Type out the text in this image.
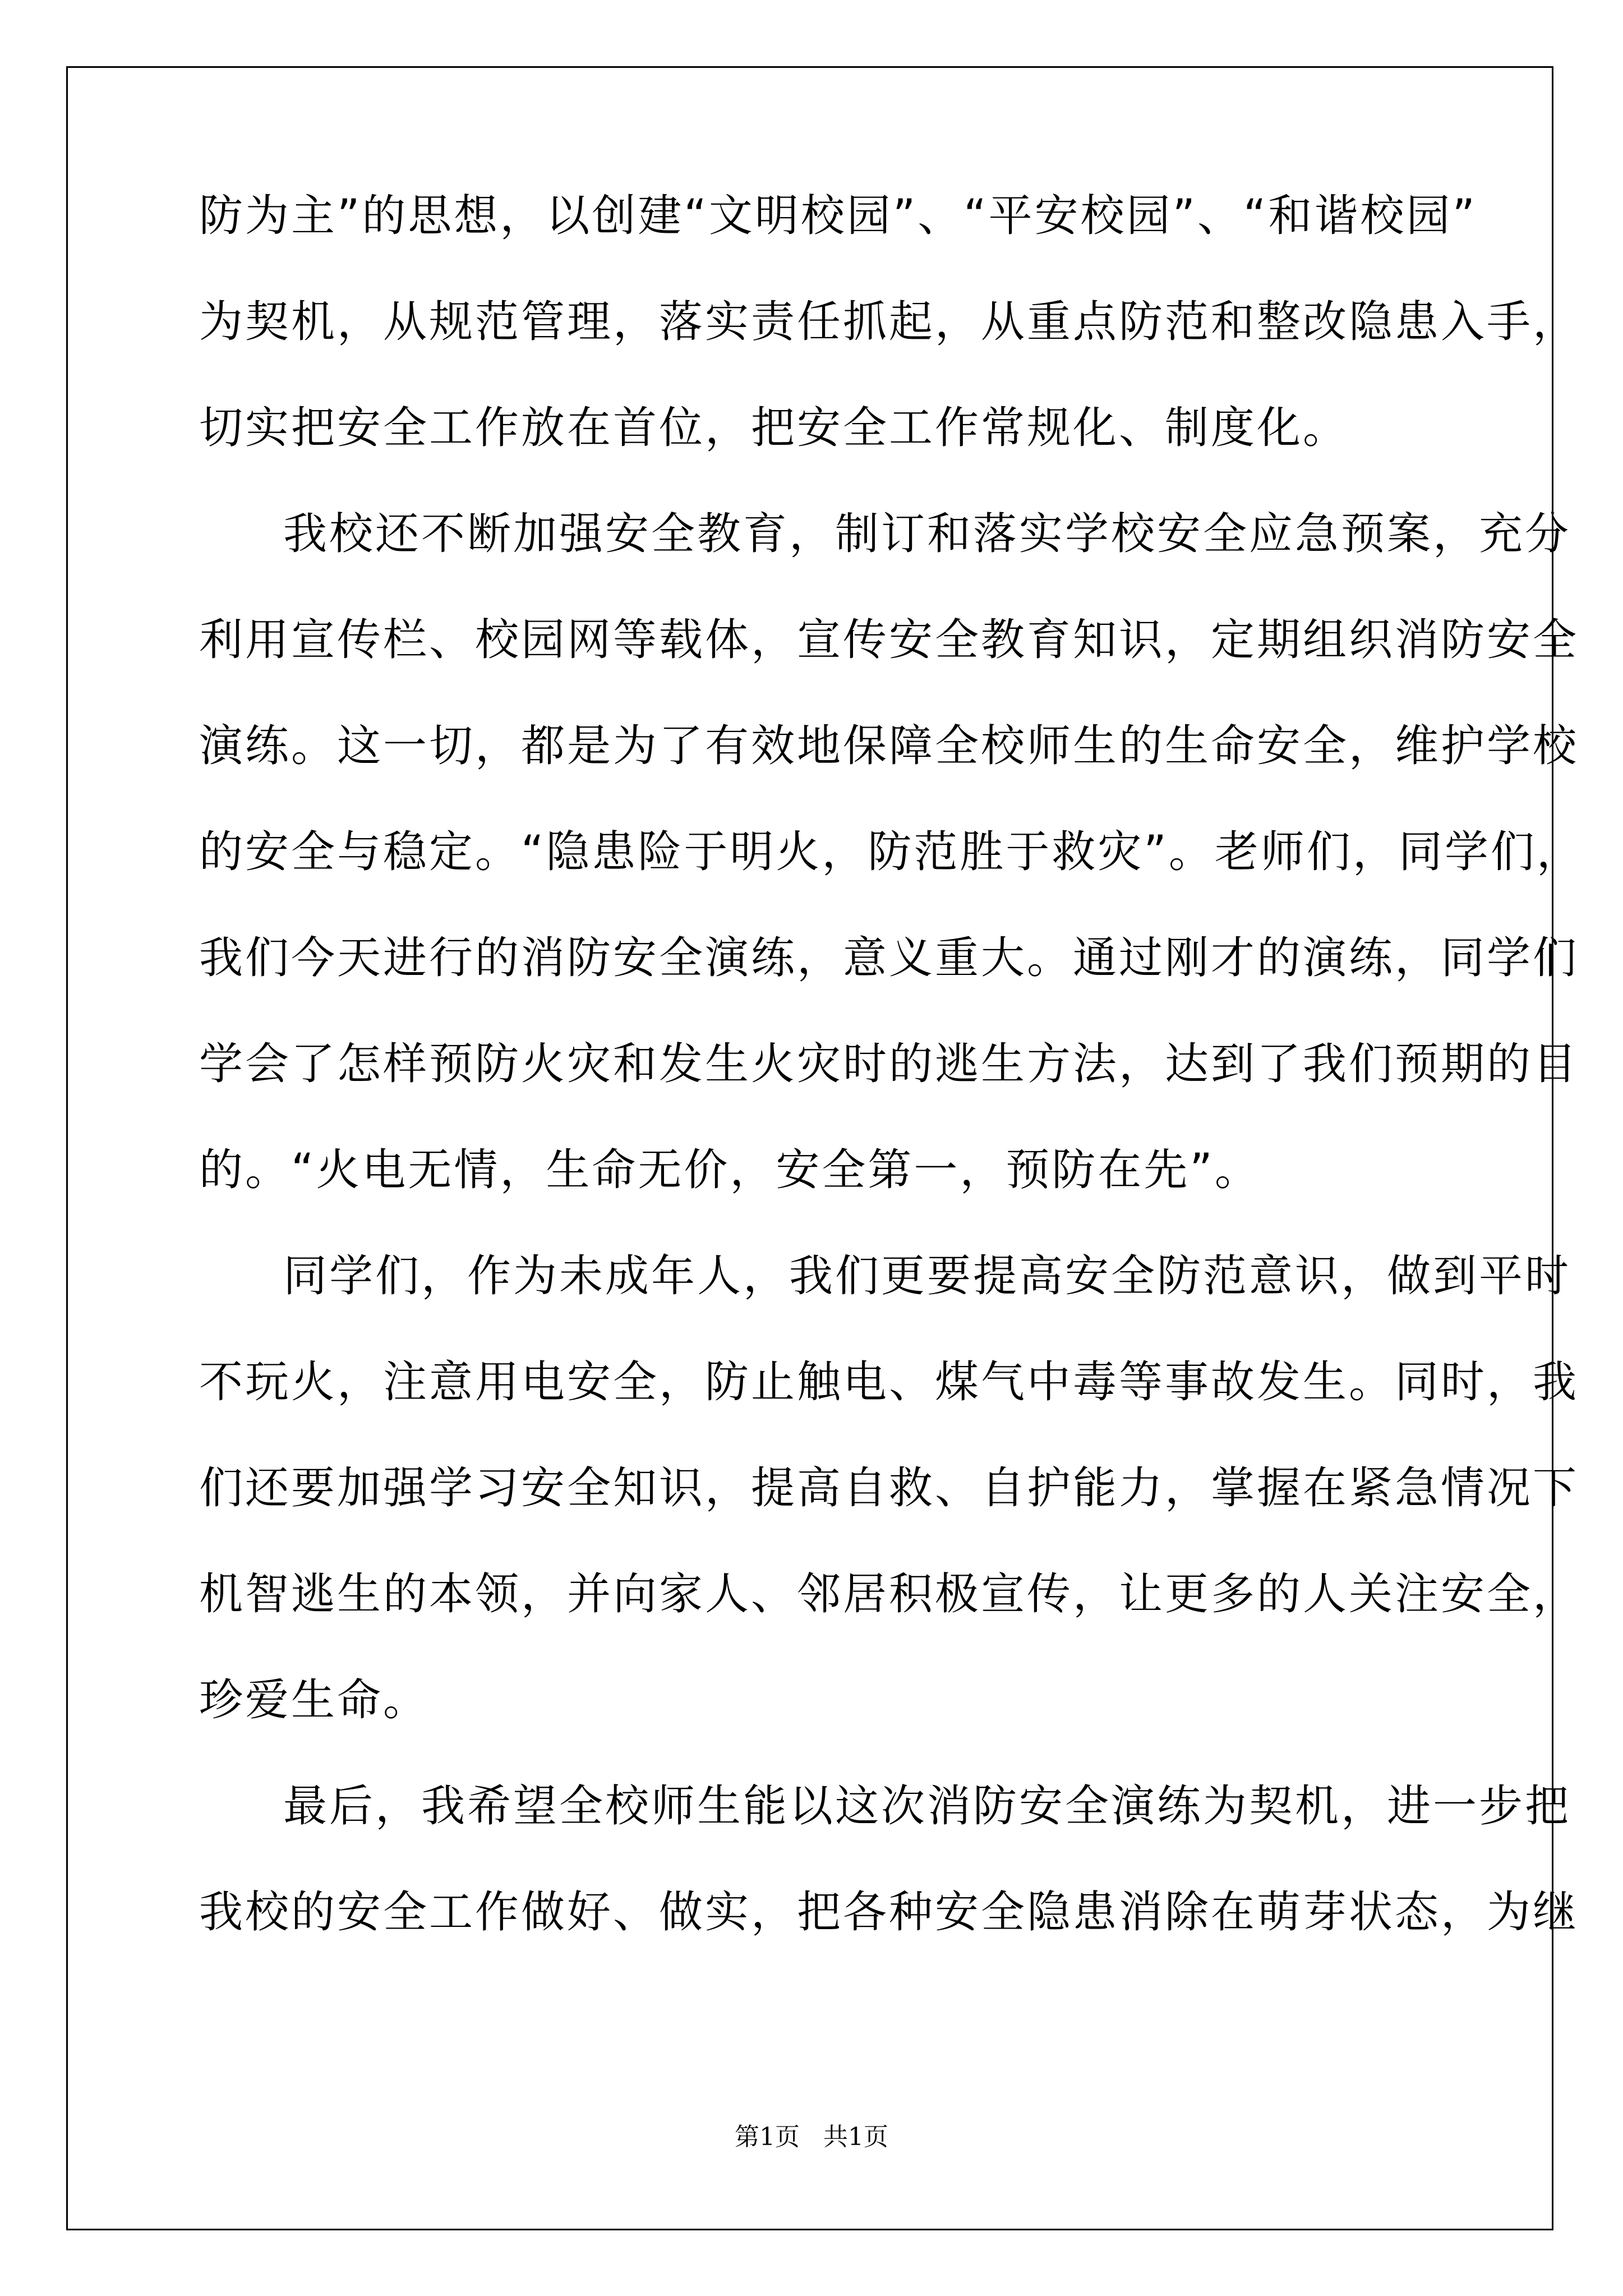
防为主”的思想，以创建“文明校园”、“平安校园”、“和谐校园”
为契机，从规范管理，落实责任抓起，从重点防范和整改隐患入手，
切实把安全工作放在首位，把安全工作常规化、制度化。
我校还不断加强安全教育，制订和落实学校安全应急预案，充分
利用宣传栏、校园网等载体，宣传安全教育知识，定期组织消防安全
演练。这一切，都是为了有效地保障全校师生的生命安全，维护学校
的安全与稳定。“隐患险于明火，防范胜于救灾”。老师们，同学们，
我们今天进行的消防安全演练，意义重大。通过刚才的演练，同学们
学会了怎样预防火灾和发生火灾时的逃生方法，达到了我们预期的目
的。“火电无情，生命无价，安全第一，预防在先”。
同学们，作为未成年人，我们更要提高安全防范意识，做到平时
不玩火，注意用电安全，防止触电、煤气中毒等事故发生。同时，我
们还要加强学习安全知识，提高自救、自护能力，掌握在紧急情况下
机智逃生的本领，并向家人、邻居积极宣传，让更多的人关注安全，
珍爱生命。
最后，我希望全校师生能以这次消防安全演练为契机，进一步把
我校的安全工作做好、做实，把各种安全隐患消除在萌芽状态，为继
第1页   共1页
